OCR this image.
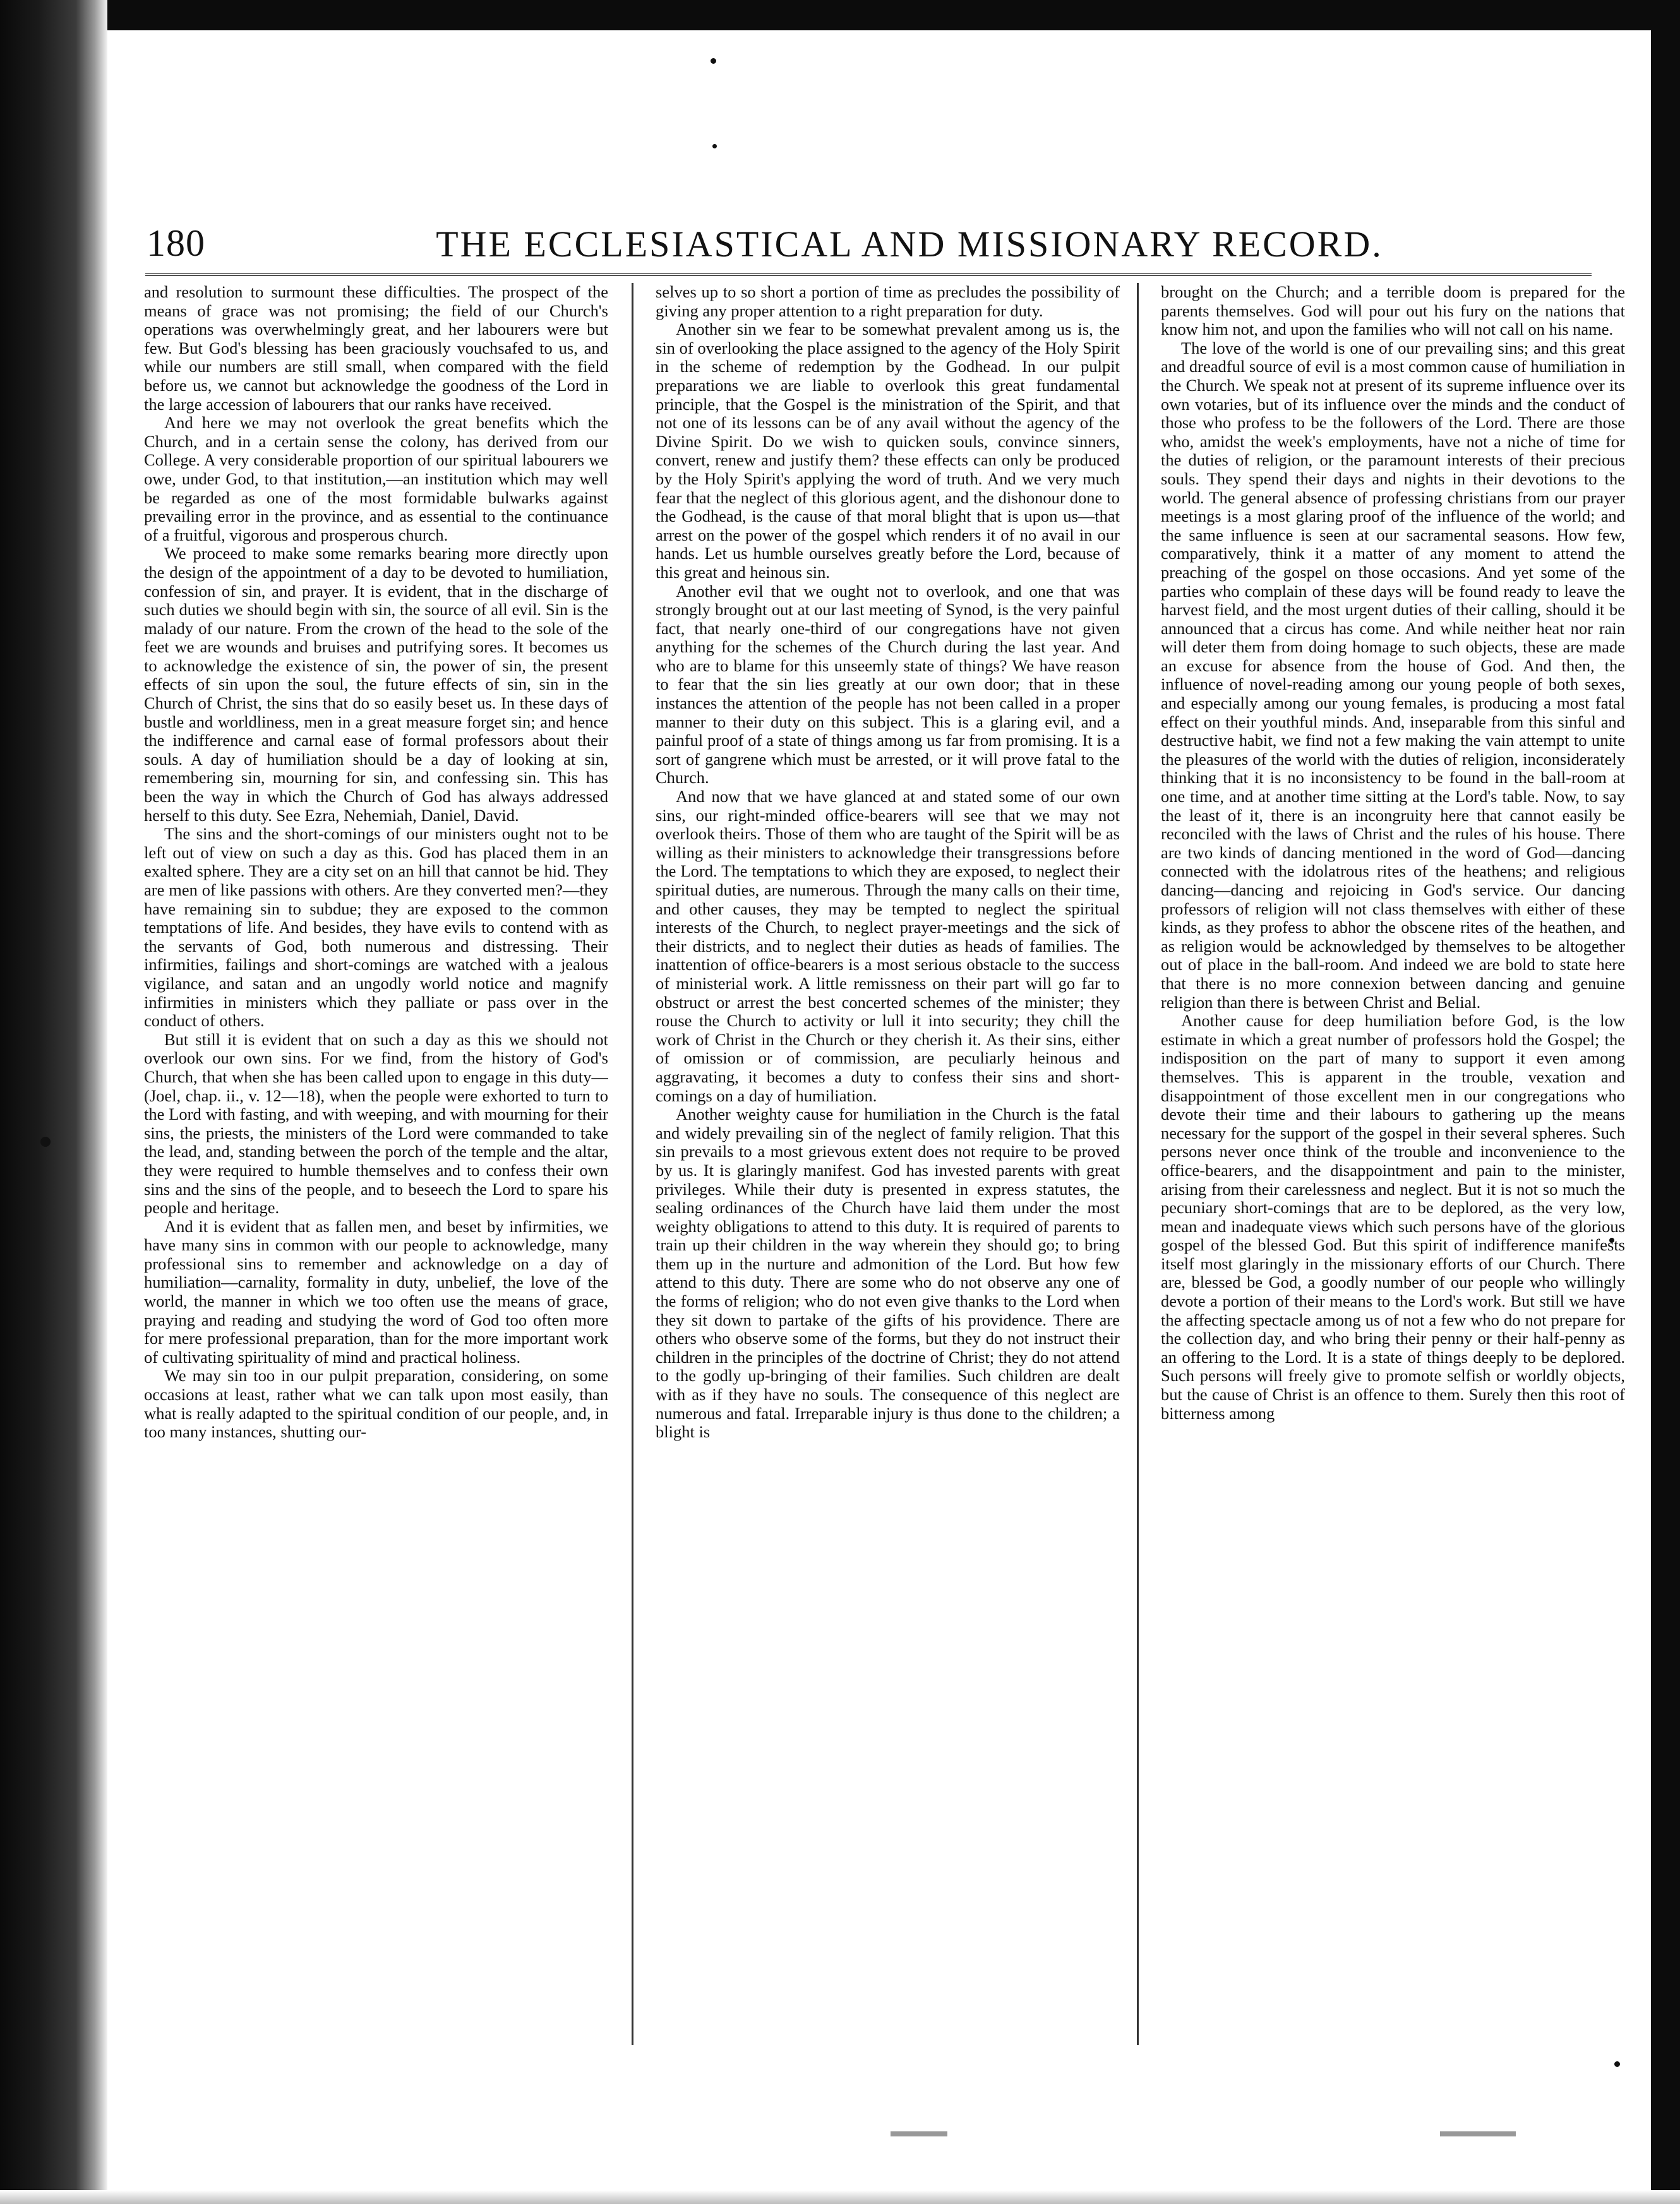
180	THE ECCLESIASTICAL AND MISSIONARY RECORD.

and resolution to surmount these difficulties. The prospect of the means of grace was not promising; the field of our Church's operations was overwhelmingly great, and her labourers were but few. But God's blessing has been graciously vouchsafed to us, and while our numbers are still small, when compared with the field before us, we cannot but acknowledge the goodness of the Lord in the large accession of labourers that our ranks have received.

And here we may not overlook the great benefits which the Church, and in a certain sense the colony, has derived from our College. A very considerable proportion of our spiritual labourers we owe, under God, to that institution,—an institution which may well be regarded as one of the most formidable bulwarks against prevailing error in the province, and as essential to the continuance of a fruitful, vigorous and prosperous church.

We proceed to make some remarks bearing more directly upon the design of the appointment of a day to be devoted to humiliation, confession of sin, and prayer. It is evident, that in the discharge of such duties we should begin with sin, the source of all evil. Sin is the malady of our nature. From the crown of the head to the sole of the feet we are wounds and bruises and putrifying sores. It becomes us to acknowledge the existence of sin, the power of sin, the present effects of sin upon the soul, the future effects of sin, sin in the Church of Christ, the sins that do so easily beset us. In these days of bustle and worldliness, men in a great measure forget sin; and hence the indifference and carnal ease of formal professors about their souls. A day of humiliation should be a day of looking at sin, remembering sin, mourning for sin, and confessing sin. This has been the way in which the Church of God has always addressed herself to this duty. See Ezra, Nehemiah, Daniel, David.

The sins and the short-comings of our ministers ought not to be left out of view on such a day as this. God has placed them in an exalted sphere. They are a city set on an hill that cannot be hid. They are men of like passions with others. Are they converted men?—they have remaining sin to subdue; they are exposed to the common temptations of life. And besides, they have evils to contend with as the servants of God, both numerous and distressing. Their infirmities, failings and short-comings are watched with a jealous vigilance, and satan and an ungodly world notice and magnify infirmities in ministers which they palliate or pass over in the conduct of others.

But still it is evident that on such a day as this we should not overlook our own sins. For we find, from the history of God's Church, that when she has been called upon to engage in this duty—(Joel, chap. ii., v. 12—18), when the people were exhorted to turn to the Lord with fasting, and with weeping, and with mourning for their sins, the priests, the ministers of the Lord were commanded to take the lead, and, standing between the porch of the temple and the altar, they were required to humble themselves and to confess their own sins and the sins of the people, and to beseech the Lord to spare his people and heritage.

And it is evident that as fallen men, and beset by infirmities, we have many sins in common with our people to acknowledge, many professional sins to remember and acknowledge on a day of humiliation—carnality, formality in duty, unbelief, the love of the world, the manner in which we too often use the means of grace, praying and reading and studying the word of God too often more for mere professional preparation, than for the more important work of cultivating spirituality of mind and practical holiness.

We may sin too in our pulpit preparation, considering, on some occasions at least, rather what we can talk upon most easily, than what is really adapted to the spiritual condition of our people, and, in too many instances, shutting our-

selves up to so short a portion of time as precludes the possibility of giving any proper attention to a right preparation for duty.

Another sin we fear to be somewhat prevalent among us is, the sin of overlooking the place assigned to the agency of the Holy Spirit in the scheme of redemption by the Godhead. In our pulpit preparations we are liable to overlook this great fundamental principle, that the Gospel is the ministration of the Spirit, and that not one of its lessons can be of any avail without the agency of the Divine Spirit. Do we wish to quicken souls, convince sinners, convert, renew and justify them? these effects can only be produced by the Holy Spirit's applying the word of truth. And we very much fear that the neglect of this glorious agent, and the dishonour done to the Godhead, is the cause of that moral blight that is upon us—that arrest on the power of the gospel which renders it of no avail in our hands. Let us humble ourselves greatly before the Lord, because of this great and heinous sin.

Another evil that we ought not to overlook, and one that was strongly brought out at our last meeting of Synod, is the very painful fact, that nearly one-third of our congregations have not given anything for the schemes of the Church during the last year. And who are to blame for this unseemly state of things? We have reason to fear that the sin lies greatly at our own door; that in these instances the attention of the people has not been called in a proper manner to their duty on this subject. This is a glaring evil, and a painful proof of a state of things among us far from promising. It is a sort of gangrene which must be arrested, or it will prove fatal to the Church.

And now that we have glanced at and stated some of our own sins, our right-minded office-bearers will see that we may not overlook theirs. Those of them who are taught of the Spirit will be as willing as their ministers to acknowledge their transgressions before the Lord. The temptations to which they are exposed, to neglect their spiritual duties, are numerous. Through the many calls on their time, and other causes, they may be tempted to neglect the spiritual interests of the Church, to neglect prayer-meetings and the sick of their districts, and to neglect their duties as heads of families. The inattention of office-bearers is a most serious obstacle to the success of ministerial work. A little remissness on their part will go far to obstruct or arrest the best concerted schemes of the minister; they rouse the Church to activity or lull it into security; they chill the work of Christ in the Church or they cherish it. As their sins, either of omission or of commission, are peculiarly heinous and aggravating, it becomes a duty to confess their sins and short-comings on a day of humiliation.

Another weighty cause for humiliation in the Church is the fatal and widely prevailing sin of the neglect of family religion. That this sin prevails to a most grievous extent does not require to be proved by us. It is glaringly manifest. God has invested parents with great privileges. While their duty is presented in express statutes, the sealing ordinances of the Church have laid them under the most weighty obligations to attend to this duty. It is required of parents to train up their children in the way wherein they should go; to bring them up in the nurture and admonition of the Lord. But how few attend to this duty. There are some who do not observe any one of the forms of religion; who do not even give thanks to the Lord when they sit down to partake of the gifts of his providence. There are others who observe some of the forms, but they do not instruct their children in the principles of the doctrine of Christ; they do not attend to the godly up-bringing of their families. Such children are dealt with as if they have no souls. The consequence of this neglect are numerous and fatal. Irreparable injury is thus done to the children; a blight is

brought on the Church; and a terrible doom is prepared for the parents themselves. God will pour out his fury on the nations that know him not, and upon the families who will not call on his name.

The love of the world is one of our prevailing sins; and this great and dreadful source of evil is a most common cause of humiliation in the Church. We speak not at present of its supreme influence over its own votaries, but of its influence over the minds and the conduct of those who profess to be the followers of the Lord. There are those who, amidst the week's employments, have not a niche of time for the duties of religion, or the paramount interests of their precious souls. They spend their days and nights in their devotions to the world. The general absence of professing christians from our prayer meetings is a most glaring proof of the influence of the world; and the same influence is seen at our sacramental seasons. How few, comparatively, think it a matter of any moment to attend the preaching of the gospel on those occasions. And yet some of the parties who complain of these days will be found ready to leave the harvest field, and the most urgent duties of their calling, should it be announced that a circus has come. And while neither heat nor rain will deter them from doing homage to such objects, these are made an excuse for absence from the house of God. And then, the influence of novel-reading among our young people of both sexes, and especially among our young females, is producing a most fatal effect on their youthful minds. And, inseparable from this sinful and destructive habit, we find not a few making the vain attempt to unite the pleasures of the world with the duties of religion, inconsiderately thinking that it is no inconsistency to be found in the ball-room at one time, and at another time sitting at the Lord's table. Now, to say the least of it, there is an incongruity here that cannot easily be reconciled with the laws of Christ and the rules of his house. There are two kinds of dancing mentioned in the word of God—dancing connected with the idolatrous rites of the heathens; and religious dancing—dancing and rejoicing in God's service. Our dancing professors of religion will not class themselves with either of these kinds, as they profess to abhor the obscene rites of the heathen, and as religion would be acknowledged by themselves to be altogether out of place in the ball-room. And indeed we are bold to state here that there is no more connexion between dancing and genuine religion than there is between Christ and Belial.

Another cause for deep humiliation before God, is the low estimate in which a great number of professors hold the Gospel; the indisposition on the part of many to support it even among themselves. This is apparent in the trouble, vexation and disappointment of those excellent men in our congregations who devote their time and their labours to gathering up the means necessary for the support of the gospel in their several spheres. Such persons never once think of the trouble and inconvenience to the office-bearers, and the disappointment and pain to the minister, arising from their carelessness and neglect. But it is not so much the pecuniary short-comings that are to be deplored, as the very low, mean and inadequate views which such persons have of the glorious gospel of the blessed God. But this spirit of indifference manifests itself most glaringly in the missionary efforts of our Church. There are, blessed be God, a goodly number of our people who willingly devote a portion of their means to the Lord's work. But still we have the affecting spectacle among us of not a few who do not prepare for the collection day, and who bring their penny or their half-penny as an offering to the Lord. It is a state of things deeply to be deplored. Such persons will freely give to promote selfish or worldly objects, but the cause of Christ is an offence to them. Surely then this root of bitterness among
